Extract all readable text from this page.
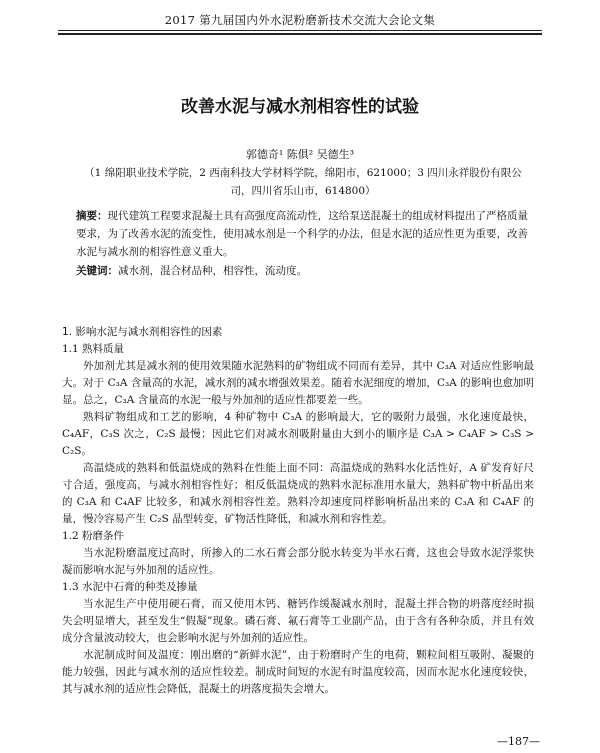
2017 第九届国内外水泥粉磨新技术交流大会论文集
改善水泥与减水剂相容性的试验
郭德奇¹ 陈俱² 吴德生³
（1 绵阳职业技术学院，2 西南科技大学材料学院，绵阳市，621000；3 四川永祥股份有限公
司，四川省乐山市，614800）
摘要：现代建筑工程要求混凝土具有高强度高流动性，这给泵送混凝土的组成材料提出了严格质量要求，为了改善水泥的流变性，使用减水剂是一个科学的办法，但是水泥的适应性更为重要，改善水泥与减水剂的相容性意义重大。
关键词：减水剂，混合材品种，相容性，流动度。
1. 影响水泥与减水剂相容性的因素
1.1 熟料质量

外加剂尤其是减水剂的使用效果随水泥熟料的矿物组成不同而有差异，其中 C₃A 对适应性影响最大。对于 C₃A 含量高的水泥，减水剂的减水增强效果差。随着水泥细度的增加，C₃A 的影响也愈加明显。总之，C₃A 含量高的水泥一般与外加剂的适应性都要差一些。

熟料矿物组成和工艺的影响，4 种矿物中 C₃A 的影响最大，它的吸附力最强，水化速度最快，C₄AF，C₃S 次之，C₂S 最慢；因此它们对减水剂吸附量由大到小的顺序是 C₃A > C₄AF > C₃S > C₂S。

高温烧成的熟料和低温烧成的熟料在性能上面不同：高温烧成的熟料水化活性好，A 矿发育好尺寸合适，强度高，与减水剂相容性好；相反低温烧成的熟料水泥标准用水量大，熟料矿物中析晶出来的 C₃A 和 C₄AF 比较多，和减水剂相容性差。熟料冷却速度同样影响析晶出来的 C₃A 和 C₄AF 的量，慢冷容易产生 C₂S 晶型转变，矿物活性降低，和减水剂和容性差。

1.2 粉磨条件

当水泥粉磨温度过高时，所掺入的二水石膏会部分脱水转变为半水石膏，这也会导致水泥浮浆快凝而影响水泥与外加剂的适应性。

1.3 水泥中石膏的种类及掺量

当水泥生产中使用硬石膏，而又使用木钙、糖钙作缓凝减水剂时，混凝土拌合物的坍落度经时损失会明显增大，甚至发生“假凝”现象。磷石膏、氟石膏等工业副产品，由于含有各种杂质，并且有效成分含量波动较大，也会影响水泥与外加剂的适应性。

水泥制成时间及温度：刚出磨的“新鲜水泥”，由于粉磨时产生的电荷，颗粒间相互吸附、凝聚的能力较强，因此与减水剂的适应性较差。制成时间短的水泥有时温度较高，因而水泥水化速度较快，其与减水剂的适应性会降低，混凝土的坍落度损失会增大。

—187—
